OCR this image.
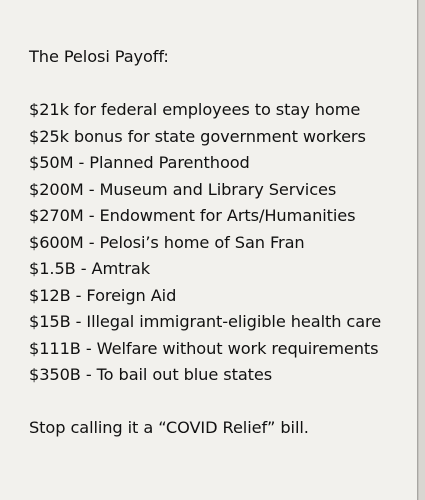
The Pelosi Payoff:
$21k for federal employees to stay home
$25k bonus for state government workers
$50M - Planned Parenthood
$200M - Museum and Library Services
$270M - Endowment for Arts/Humanities
$600M - Pelosi’s home of San Fran
$1.5B - Amtrak
$12B - Foreign Aid
$15B - Illegal immigrant-eligible health care
$111B - Welfare without work requirements
$350B - To bail out blue states
Stop calling it a “COVID Relief” bill.
